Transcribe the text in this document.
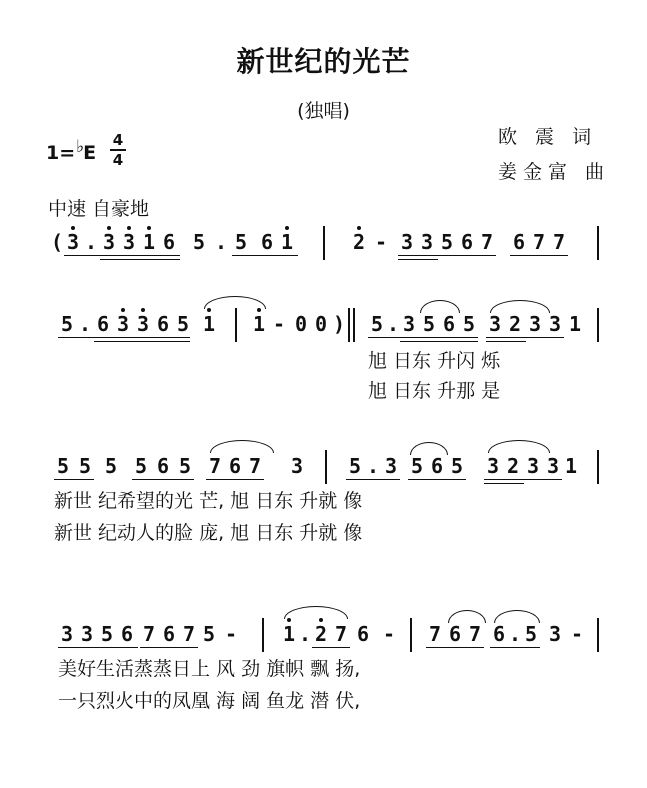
新世纪的光芒
(独唱)
欧 震 词
姜金富 曲
1=♭E
4
4
中速 自豪地
( 3 . 3 3 1 6 5 . 5 6 1	2 - 3 3 5 6 7 6 7 7
5 . 6 3 3 6 5 1 1 - 0 0 ) 5 . 3 5 6 5 3 2 3 3 1
旭 日东 升闪 烁
旭 日东 升那 是
5 5 5 5 6 5 7 6 7 3 5 . 3 5 6 5 3 2 3 3 1
新世 纪希望的光 芒, 旭 日东 升就 像
新世 纪动人的脸 庞, 旭 日东 升就 像
3 3 5 6 7 6 7 5 - 1 . 2 7 6 - 7 6 7 6 . 5 3 -
美好生活蒸蒸日上 风 劲 旗帜 飘 扬,
一只烈火中的凤凰 海 阔 鱼龙 潜 伏,
(3．3 3 1 6 5．5 6 1 | 2 - 3 3 5 6 7 6 7 | 5．6 3 3 6 5 1 | 1 - 0 0) | 5．3 5 6 5 3 2 3 1 | 5 5 5 5 6 5 7 6 7 3 | 5．3 5 6 5 3 2 3 1 | 3 3 5 6 7 6 7 5 - | 1．2 7 6 - | 7 6 7 6．5 3 - |
